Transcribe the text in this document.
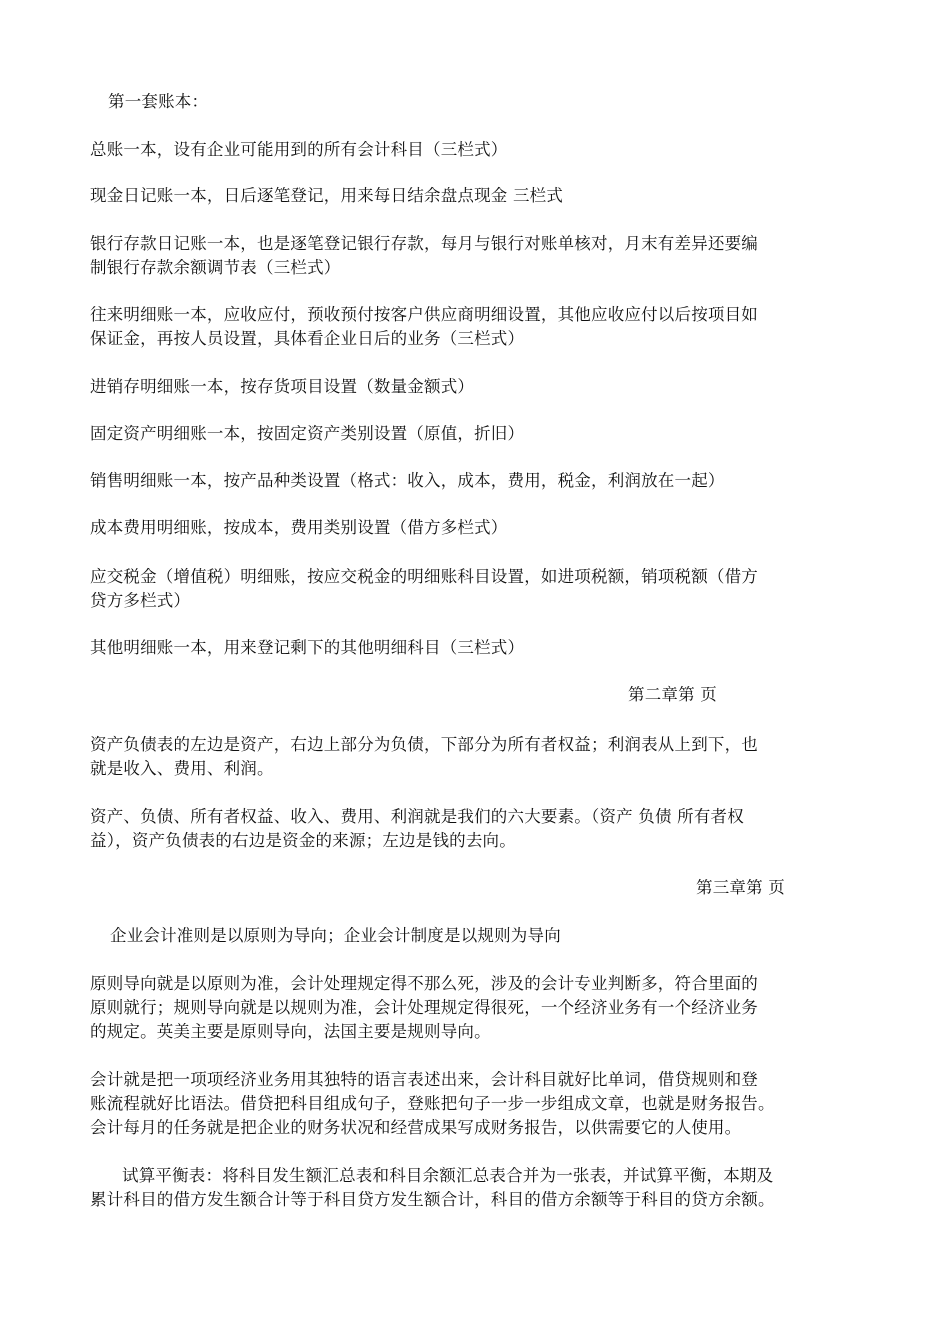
第一套账本：
总账一本，设有企业可能用到的所有会计科目（三栏式）
现金日记账一本，日后逐笔登记，用来每日结余盘点现金 三栏式
银行存款日记账一本，也是逐笔登记银行存款，每月与银行对账单核对，月末有差异还要编
制银行存款余额调节表（三栏式）
往来明细账一本，应收应付，预收预付按客户供应商明细设置，其他应收应付以后按项目如
保证金，再按人员设置，具体看企业日后的业务（三栏式）
进销存明细账一本，按存货项目设置（数量金额式）
固定资产明细账一本，按固定资产类别设置（原值，折旧）
销售明细账一本，按产品种类设置（格式：收入，成本，费用，税金，利润放在一起）
成本费用明细账，按成本，费用类别设置（借方多栏式）
应交税金（增值税）明细账，按应交税金的明细账科目设置，如进项税额，销项税额（借方
贷方多栏式）
其他明细账一本，用来登记剩下的其他明细科目（三栏式）
第二章第 页
资产负债表的左边是资产，右边上部分为负债，下部分为所有者权益；利润表从上到下，也
就是收入、费用、利润。
资产、负债、所有者权益、收入、费用、利润就是我们的六大要素。（资产 负债 所有者权
益），资产负债表的右边是资金的来源；左边是钱的去向。
第三章第 页
企业会计准则是以原则为导向；企业会计制度是以规则为导向
原则导向就是以原则为准，会计处理规定得不那么死，涉及的会计专业判断多，符合里面的
原则就行；规则导向就是以规则为准，会计处理规定得很死，一个经济业务有一个经济业务
的规定。英美主要是原则导向，法国主要是规则导向。
会计就是把一项项经济业务用其独特的语言表述出来，会计科目就好比单词，借贷规则和登
账流程就好比语法。借贷把科目组成句子，登账把句子一步一步组成文章，也就是财务报告。
会计每月的任务就是把企业的财务状况和经营成果写成财务报告，以供需要它的人使用。
试算平衡表：将科目发生额汇总表和科目余额汇总表合并为一张表，并试算平衡，本期及
累计科目的借方发生额合计等于科目贷方发生额合计，科目的借方余额等于科目的贷方余额。
